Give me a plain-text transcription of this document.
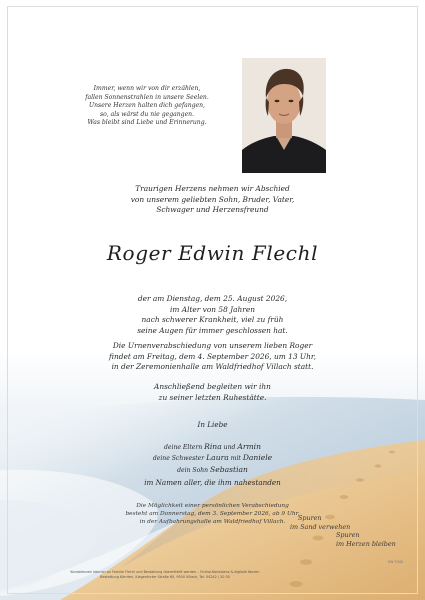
Immer, wenn wir von dir erzählen,
fallen Sonnenstrahlen in unsere Seelen.
Unsere Herzen halten dich gefangen,
so, als wärst du nie gegangen.
Was bleibt sind Liebe und Erinnerung.
Traurigen Herzens nehmen wir Abschied
von unserem geliebten Sohn, Bruder, Vater,
Schwager und Herzensfreund
Roger Edwin Flechl
der am Dienstag, dem 25. August 2026,
im Alter von 58 Jahren
nach schwerer Krankheit, viel zu früh
seine Augen für immer geschlossen hat.
Die Urnenverabschiedung von unserem lieben Roger
findet am Freitag, dem 4. September 2026, um 13 Uhr,
in der Zeremonienhalle am Waldfriedhof Villach statt.
Anschließend begleiten wir ihn
zu seiner letzten Ruhestätte.
In Liebe
deine Eltern Rina und Armin
deine Schwester Laura mit Daniele
dein Sohn Sebastian
im Namen aller, die ihm nahestanden
Die Möglichkeit einer persönlichen Verabschiedung
besteht am Donnerstag, dem 3. September 2026, ab 9 Uhr,
in der Aufbahrungshalle am Waldfriedhof Villach.	Spuren
im Sand verwehen
Spuren
im Herzen bleiben
Kondolenzen können an Familie Flechl und Bestattung übermittelt werden – Online-Kondolenz & digitale Kerzen
Bestattung Kärnten, Klagenfurter Straße 60, 9500 Villach, Tel. 04242 / 20 00
KW 5345
